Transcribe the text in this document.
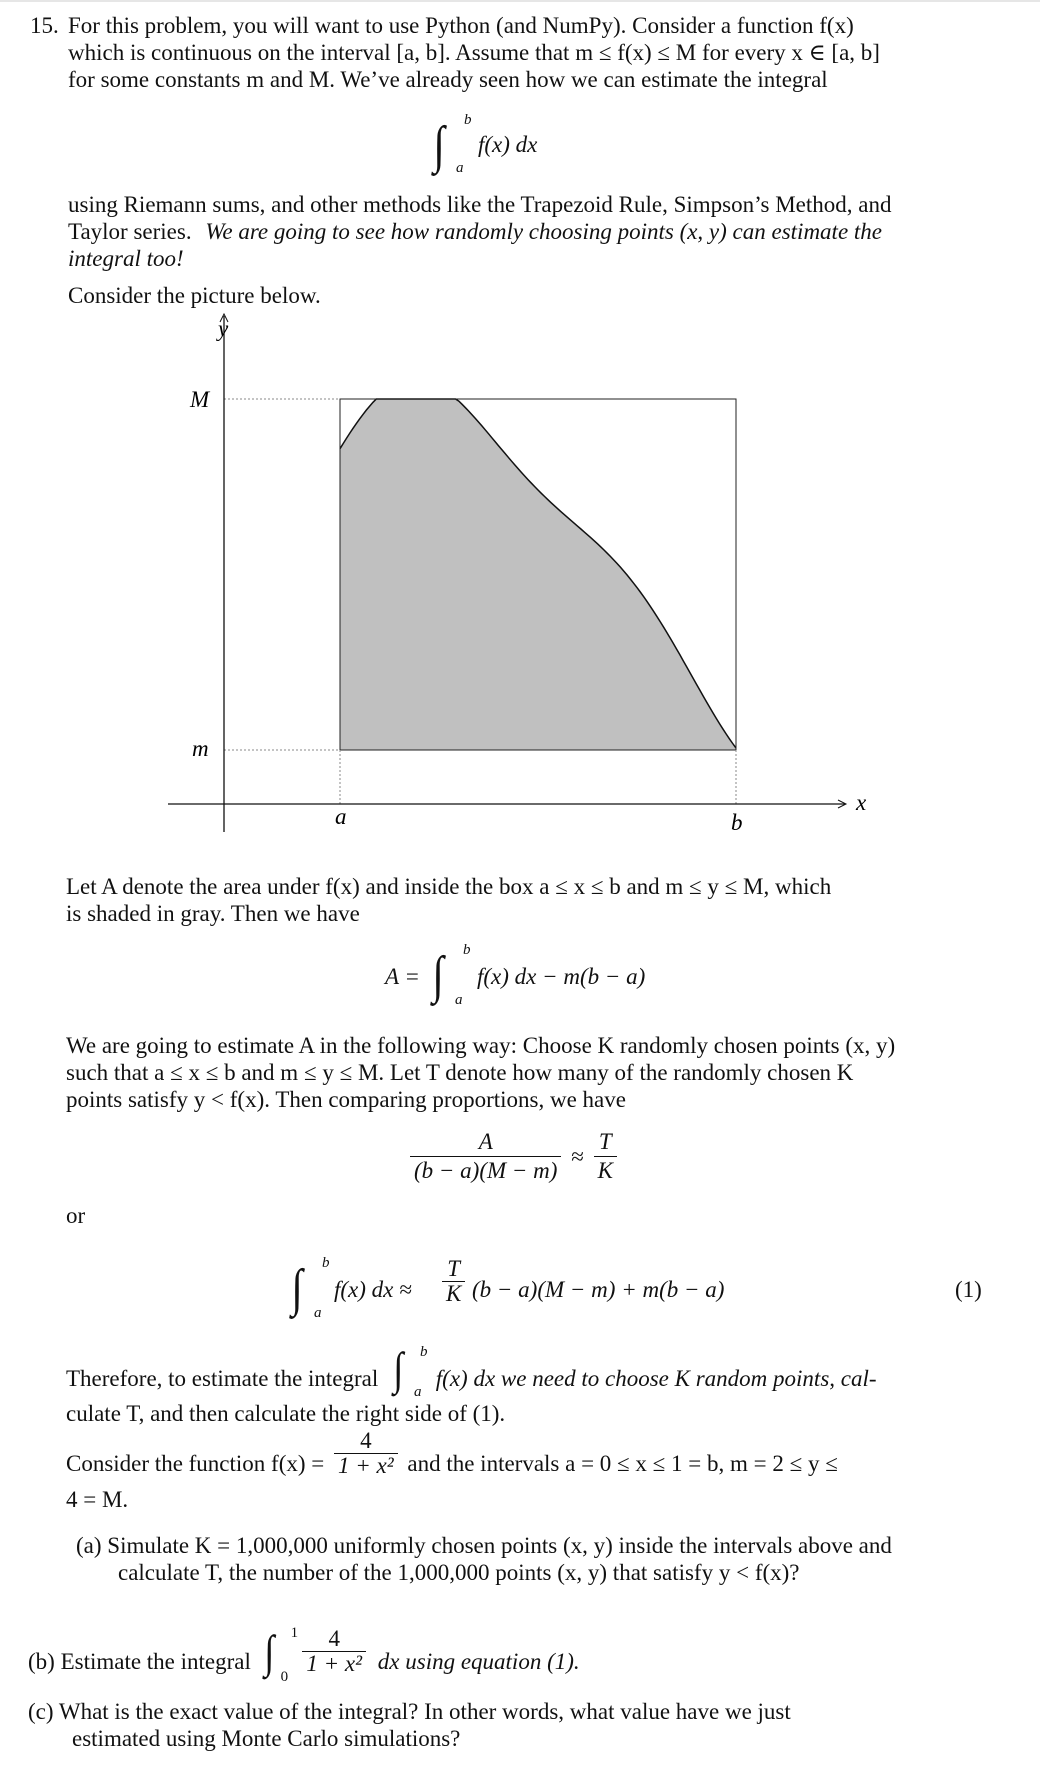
15. For this problem, you will want to use Python (and NumPy). Consider a function f(x)
which is continuous on the interval [a, b]. Assume that m ≤ f(x) ≤ M for every x ∈ [a, b]
for some constants m and M. We’ve already seen how we can estimate the integral
∫ b
a
f(x) dx
using Riemann sums, and other methods like the Trapezoid Rule, Simpson’s Method, and
Taylor series. We are going to see how randomly choosing points (x, y) can estimate the
integral too!
Consider the picture below.
y
x
M
m
a	b
Let A denote the area under f(x) and inside the box a ≤ x ≤ b and m ≤ y ≤ M, which
is shaded in gray. Then we have
A = ∫ b
a
f(x) dx − m(b − a)
We are going to estimate A in the following way: Choose K randomly chosen points (x, y)
such that a ≤ x ≤ b and m ≤ y ≤ M. Let T denote how many of the randomly chosen K
points satisfy y < f(x). Then comparing proportions, we have
$\frac{A}{(b - a)(M - m)} \approx \frac{T}{K}$
or
∫ b
a
f(x) dx ≈ $\frac{T}{K} (b - a)(M - m) + m(b - a)$	(1)
Therefore, to estimate the integral ∫ b
a
f(x) dx we need to choose K random points, cal-
culate T, and then calculate the right side of (1).
Consider the function $f(x) = \frac{4}{\text{1 + x²}}$ and the intervals a = 0 ≤ x ≤ 1 = b, m = 2 ≤ y ≤
4 = M.
(a) Simulate K = 1,000,000 uniformly chosen points (x, y) inside the intervals above and
calculate T, the number of the 1,000,000 points (x, y) that satisfy y < f(x)?
(b) Estimate the integral ∫ 1
0

$\frac{4}{\text{1 + x²}}$ dx using equation (1).
(c) What is the exact value of the integral? In other words, what value have we just
estimated using Monte Carlo simulations?
